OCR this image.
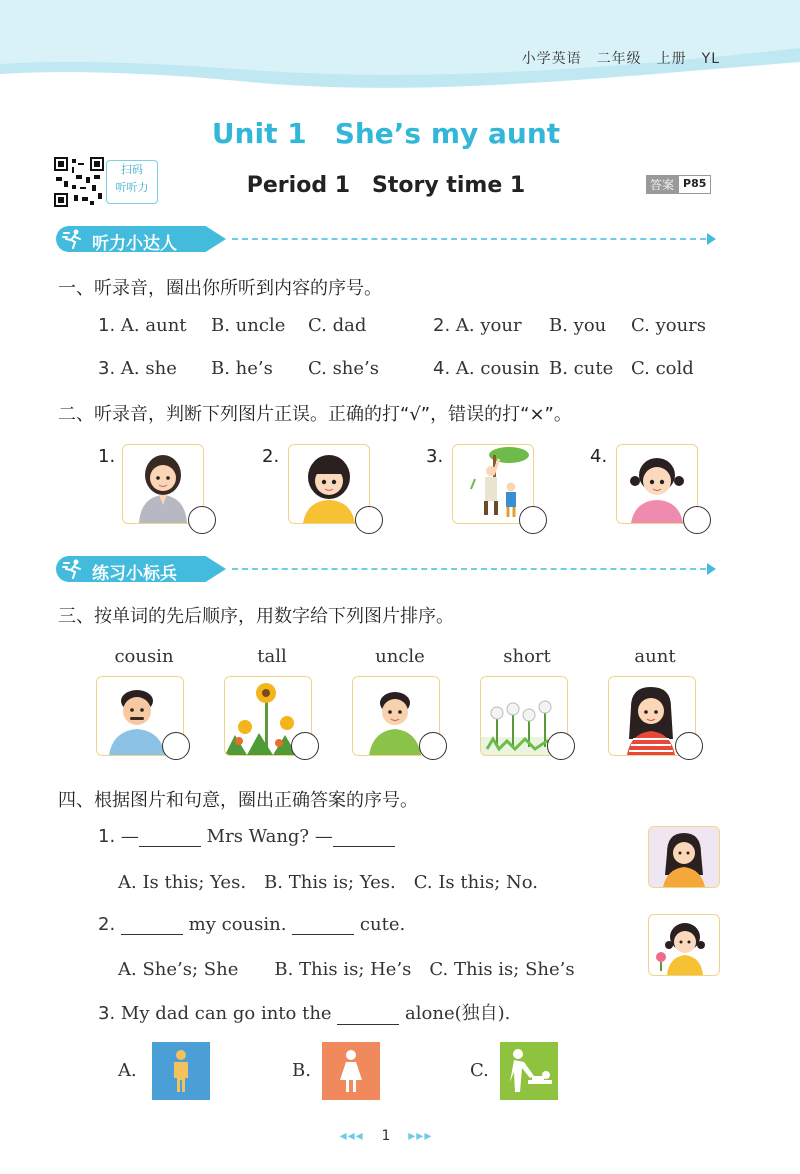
小学英语　二年级　上册　YL
Unit 1　She’s my aunt
扫码
听听力	Period 1　Story time 1	答案 P85
听力小达人
一、听录音，圈出你所听到内容的序号。
1. A. aunt B. uncle C. dad	2. A. your B. you C. yours
3. A. she B. he’s C. she’s	4. A. cousin B. cute C. cold
二、听录音，判断下列图片正误。正确的打“√”，错误的打“×”。
1.	2.	3.	4.
练习小标兵
三、按单词的先后顺序，用数字给下列图片排序。
cousin	tall	uncle	short	aunt
四、根据图片和句意，圈出正确答案的序号。
1. —	Mrs Wang? —
A. Is this; Yes.　B. This is; Yes.　C. Is this; No.
2.	my cousin.	cute.
A. She’s; She　　B. This is; He’s　C. This is; She’s
3. My dad can go into the	alone(独自).
A.	B.	C.
◂◂◂ 1 ▸▸▸
